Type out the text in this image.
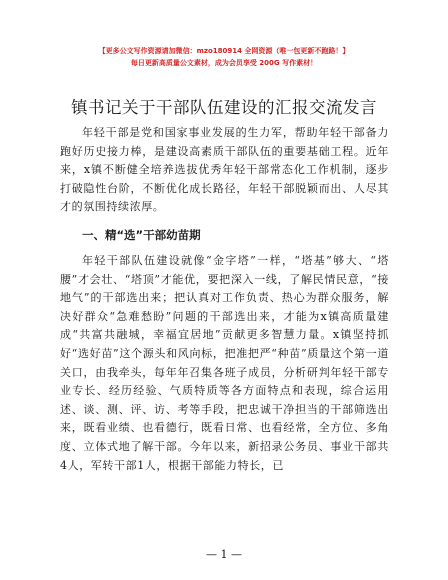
【更多公文写作资源请加微信：mzo180914 全网资源（唯一包更新不跑路！】
每日更新高质量公文素材，成为会员享受 200G 写作素材！
镇书记关于干部队伍建设的汇报交流发言

年轻干部是党和国家事业发展的生力军，帮助年轻干部备力跑好历史接力棒，是建设高素质干部队伍的重要基础工程。近年来，x镇不断健全培养选拔优秀年轻干部常态化工作机制，逐步打破隐性台阶，不断优化成长路径，年轻干部脱颖而出、人尽其才的氛围持续浓厚。

一、精“选”干部幼苗期

年轻干部队伍建设就像“金字塔”一样，“塔基”够大、“塔腰”才会壮、“塔顶”才能优，要把深入一线，了解民情民意，“接地气”的干部选出来；把认真对工作负责、热心为群众服务，解决好群众“急难愁盼”问题的干部选出来，才能为x镇高质量建成“共富共融城，幸福宜居地”贡献更多智慧力量。x镇坚持抓好“选好苗”这个源头和风向标，把准把严“种苗”质量这个第一道关口，由我牵头，每年年召集各班子成员，分析研判年轻干部专业专长、经历经验、气质特质等各方面特点和表现，综合运用述、谈、测、评、访、考等手段，把忠诚干净担当的干部筛选出来，既看业绩、也看德行，既看日常、也看经常，全方位、多角度、立体式地了解干部。今年以来，新招录公务员、事业干部共4人，军转干部1人，根据干部能力特长，已

— 1 —
